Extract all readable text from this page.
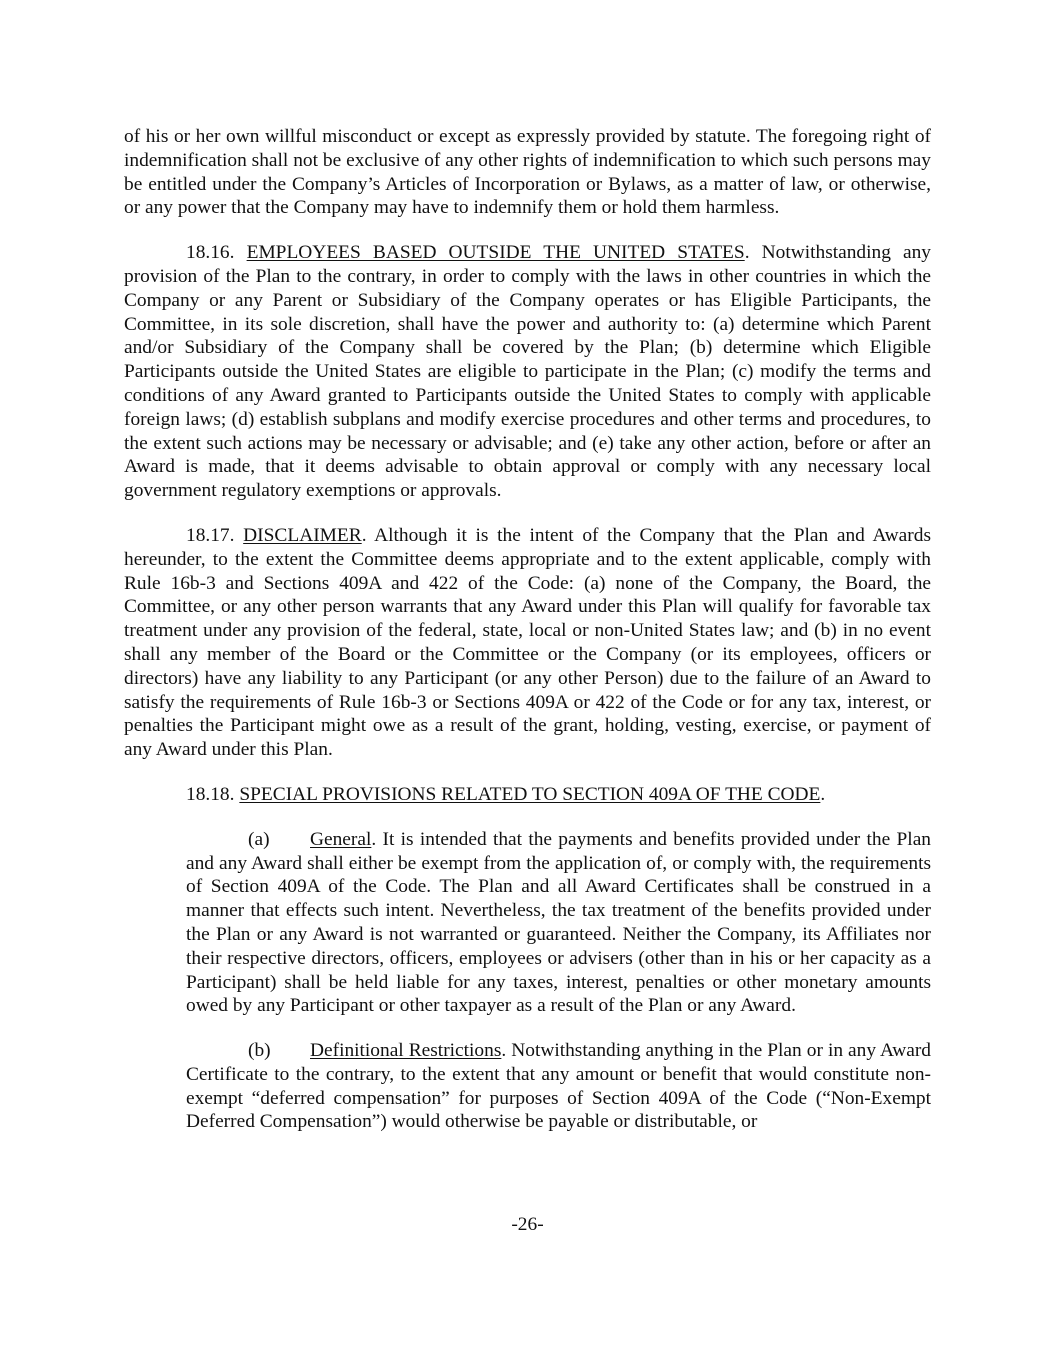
of his or her own willful misconduct or except as expressly provided by statute. The foregoing right of indemnification shall not be exclusive of any other rights of indemnification to which such persons may be entitled under the Company’s Articles of Incorporation or Bylaws, as a matter of law, or otherwise, or any power that the Company may have to indemnify them or hold them harmless.

18.16. EMPLOYEES BASED OUTSIDE THE UNITED STATES. Notwithstanding any provision of the Plan to the contrary, in order to comply with the laws in other countries in which the Company or any Parent or Subsidiary of the Company operates or has Eligible Participants, the Committee, in its sole discretion, shall have the power and authority to: (a) determine which Parent and/or Subsidiary of the Company shall be covered by the Plan; (b) determine which Eligible Participants outside the United States are eligible to participate in the Plan; (c) modify the terms and conditions of any Award granted to Participants outside the United States to comply with applicable foreign laws; (d) establish subplans and modify exercise procedures and other terms and procedures, to the extent such actions may be necessary or advisable; and (e) take any other action, before or after an Award is made, that it deems advisable to obtain approval or comply with any necessary local government regulatory exemptions or approvals.

18.17. DISCLAIMER. Although it is the intent of the Company that the Plan and Awards hereunder, to the extent the Committee deems appropriate and to the extent applicable, comply with Rule 16b-3 and Sections 409A and 422 of the Code: (a) none of the Company, the Board, the Committee, or any other person warrants that any Award under this Plan will qualify for favorable tax treatment under any provision of the federal, state, local or non-United States law; and (b) in no event shall any member of the Board or the Committee or the Company (or its employees, officers or directors) have any liability to any Participant (or any other Person) due to the failure of an Award to satisfy the requirements of Rule 16b-3 or Sections 409A or 422 of the Code or for any tax, interest, or penalties the Participant might owe as a result of the grant, holding, vesting, exercise, or payment of any Award under this Plan.

18.18. SPECIAL PROVISIONS RELATED TO SECTION 409A OF THE CODE.

(a) General. It is intended that the payments and benefits provided under the Plan and any Award shall either be exempt from the application of, or comply with, the requirements of Section 409A of the Code. The Plan and all Award Certificates shall be construed in a manner that effects such intent. Nevertheless, the tax treatment of the benefits provided under the Plan or any Award is not warranted or guaranteed. Neither the Company, its Affiliates nor their respective directors, officers, employees or advisers (other than in his or her capacity as a Participant) shall be held liable for any taxes, interest, penalties or other monetary amounts owed by any Participant or other taxpayer as a result of the Plan or any Award.

(b) Definitional Restrictions. Notwithstanding anything in the Plan or in any Award Certificate to the contrary, to the extent that any amount or benefit that would constitute non-exempt “deferred compensation” for purposes of Section 409A of the Code (“Non-Exempt Deferred Compensation”) would otherwise be payable or distributable, or

-26-
